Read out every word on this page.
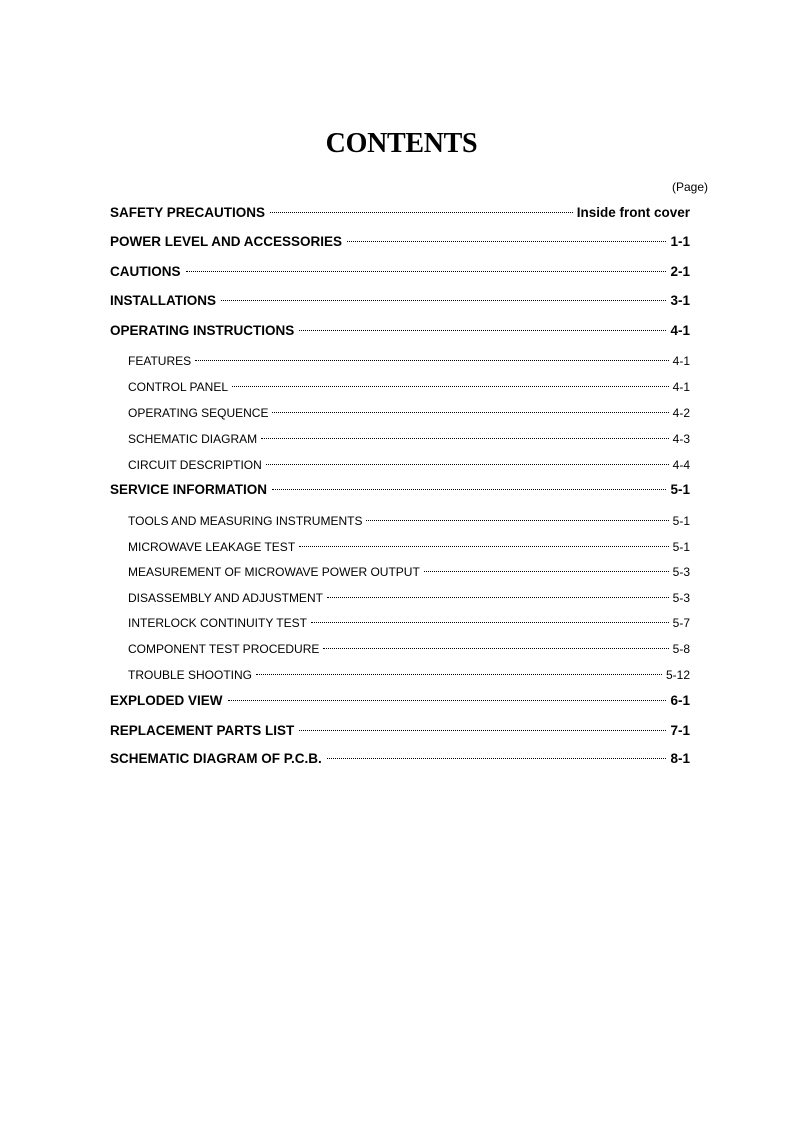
CONTENTS
(Page)
SAFETY PRECAUTIONS	Inside front cover
POWER LEVEL AND ACCESSORIES	1-1
CAUTIONS	2-1
INSTALLATIONS	3-1
OPERATING INSTRUCTIONS	4-1
FEATURES	4-1
CONTROL PANEL	4-1
OPERATING SEQUENCE	4-2
SCHEMATIC DIAGRAM	4-3
CIRCUIT DESCRIPTION	4-4
SERVICE INFORMATION	5-1
TOOLS AND MEASURING INSTRUMENTS	5-1
MICROWAVE LEAKAGE TEST	5-1
MEASUREMENT OF MICROWAVE POWER OUTPUT	5-3
DISASSEMBLY AND ADJUSTMENT	5-3
INTERLOCK CONTINUITY TEST	5-7
COMPONENT TEST PROCEDURE	5-8
TROUBLE SHOOTING	5-12
EXPLODED VIEW	6-1
REPLACEMENT PARTS LIST	7-1
SCHEMATIC DIAGRAM OF P.C.B.	8-1
